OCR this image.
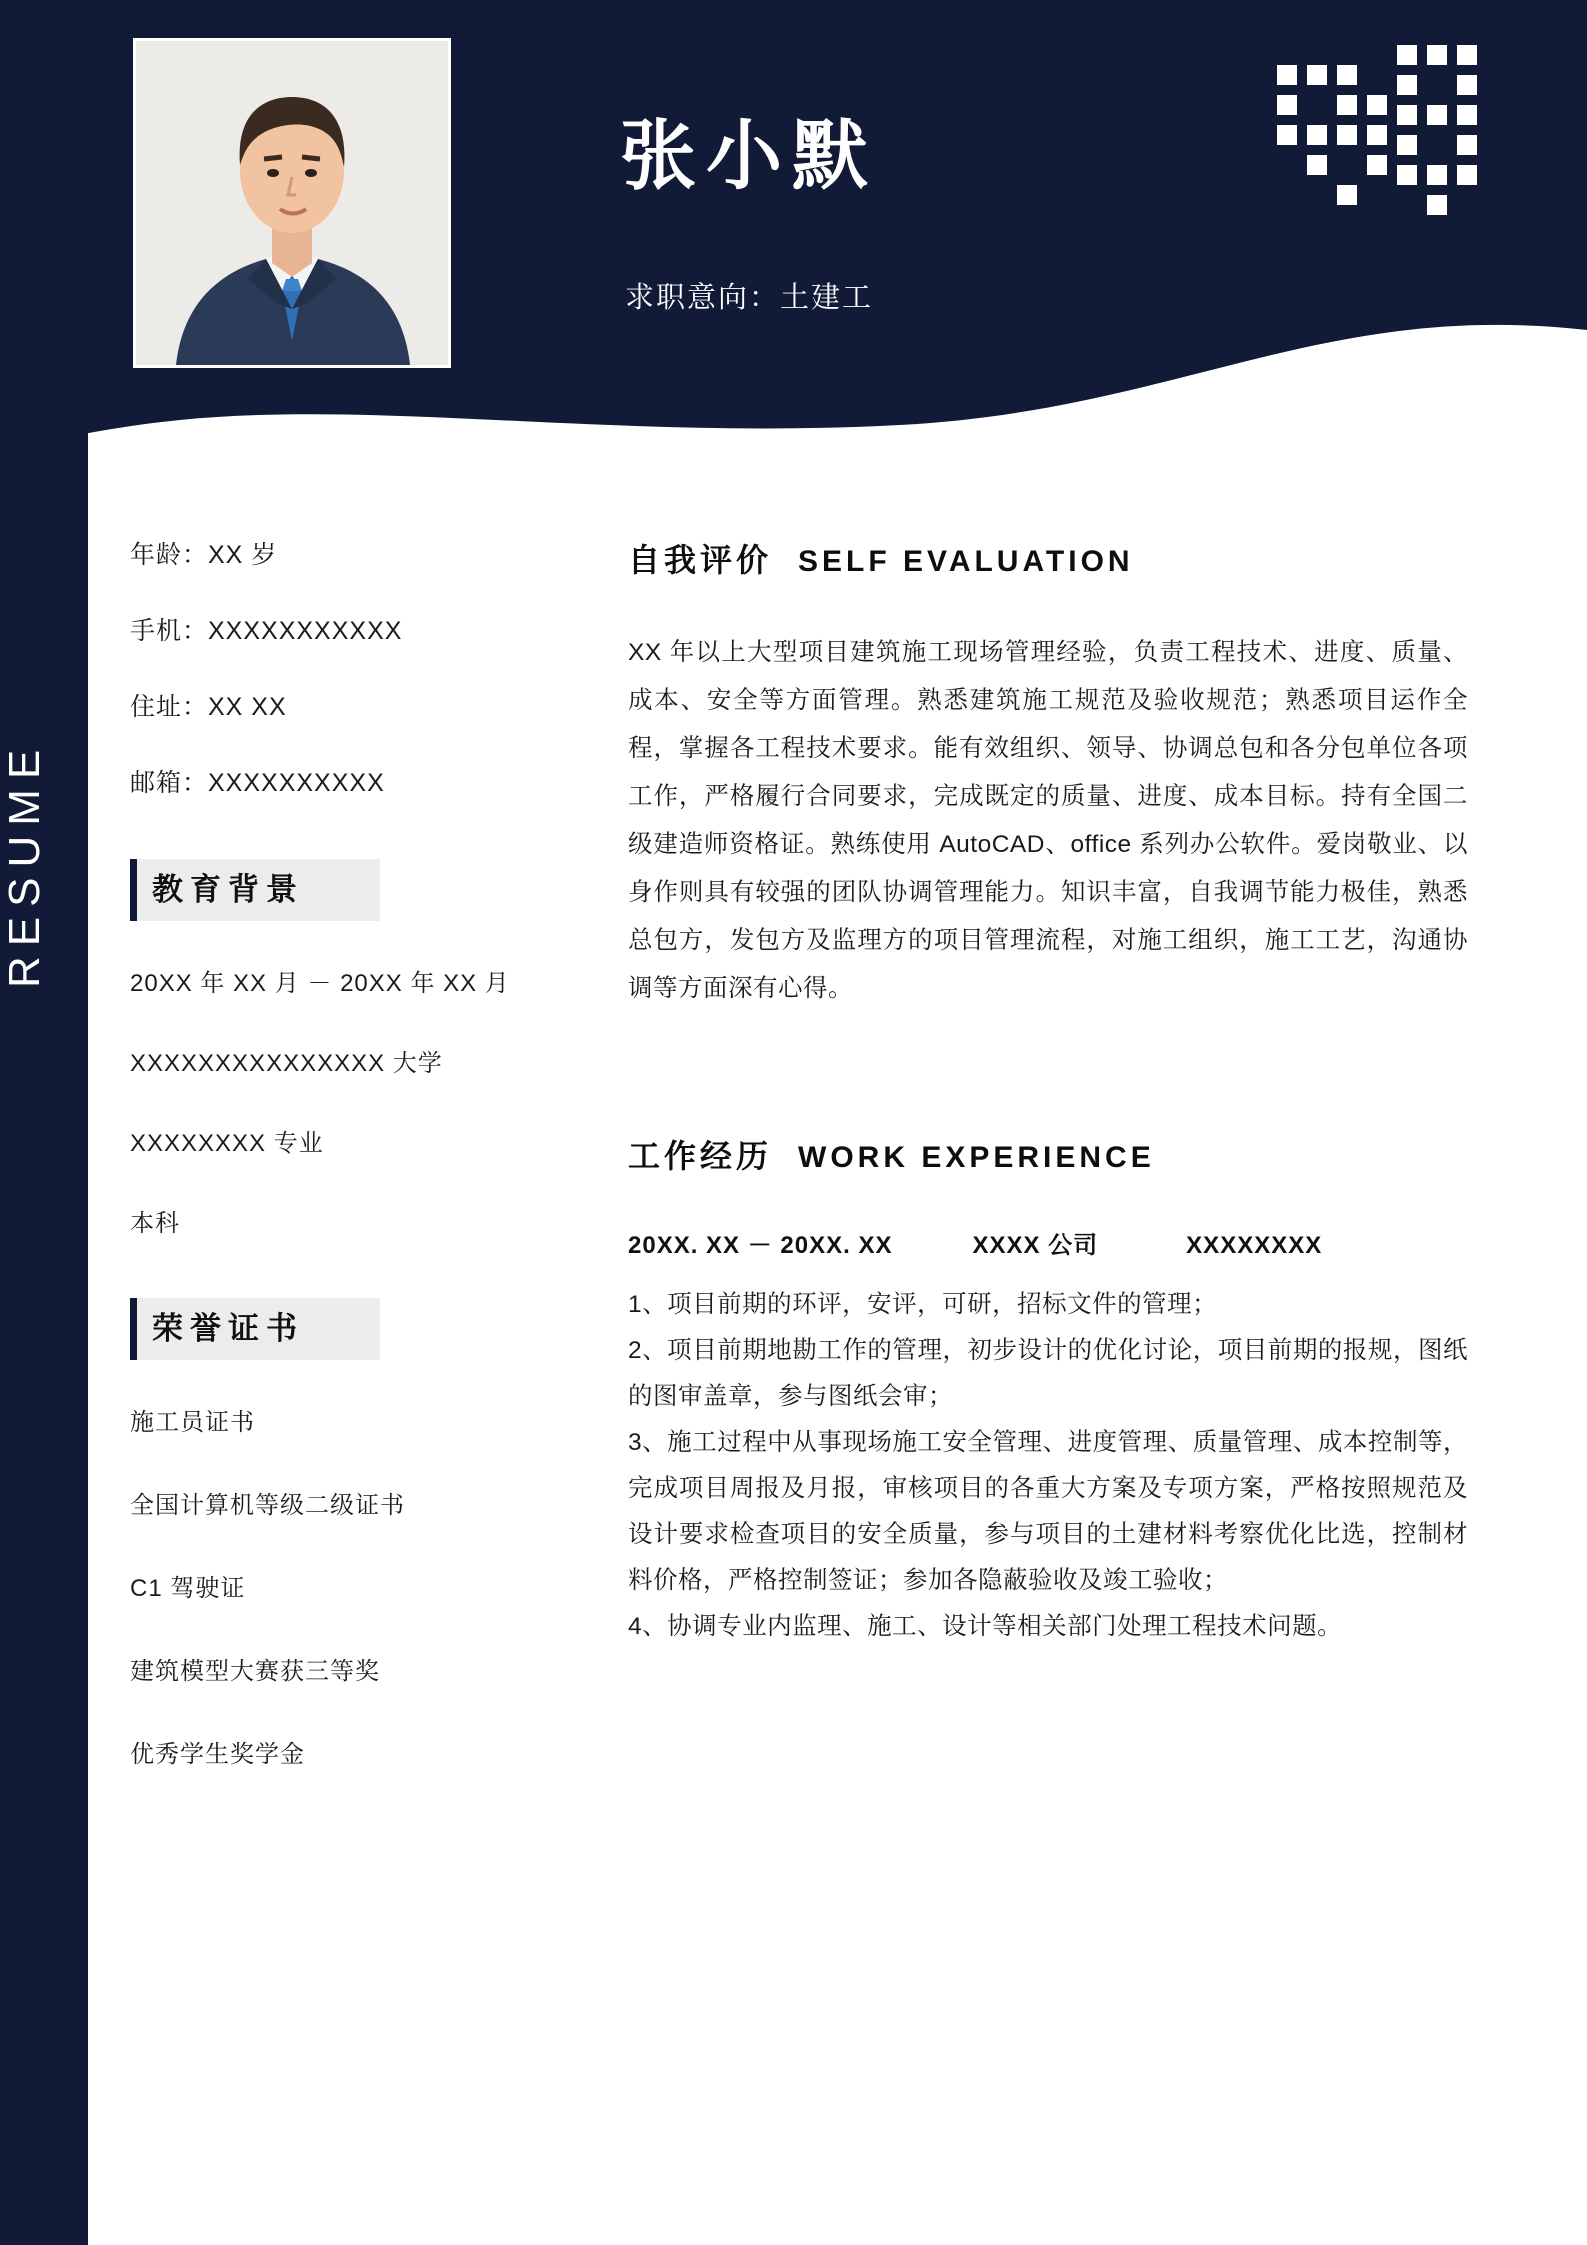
张小默
求职意向：土建工
RESUME
年龄：XX 岁
手机：XXXXXXXXXXX
住址：XX XX
邮箱：XXXXXXXXXX
教育背景
20XX 年 XX 月 － 20XX 年 XX 月
XXXXXXXXXXXXXXX 大学
XXXXXXXX 专业
本科
荣誉证书
施工员证书
全国计算机等级二级证书
C1 驾驶证
建筑模型大赛获三等奖
优秀学生奖学金
自我评价 SELF EVALUATION
XX 年以上大型项目建筑施工现场管理经验，负责工程技术、进度、质量、成本、安全等方面管理。熟悉建筑施工规范及验收规范；熟悉项目运作全程，掌握各工程技术要求。能有效组织、领导、协调总包和各分包单位各项工作，严格履行合同要求，完成既定的质量、进度、成本目标。持有全国二级建造师资格证。熟练使用 AutoCAD、office 系列办公软件。爱岗敬业、以身作则具有较强的团队协调管理能力。知识丰富，自我调节能力极佳，熟悉总包方，发包方及监理方的项目管理流程，对施工组织，施工工艺，沟通协调等方面深有心得。
工作经历 WORK EXPERIENCE
20XX. XX － 20XX. XX	XXXX 公司	XXXXXXXX
1、项目前期的环评，安评，可研，招标文件的管理；
2、项目前期地勘工作的管理，初步设计的优化讨论，项目前期的报规，图纸的图审盖章，参与图纸会审；
3、施工过程中从事现场施工安全管理、进度管理、质量管理、成本控制等，完成项目周报及月报，审核项目的各重大方案及专项方案，严格按照规范及设计要求检查项目的安全质量，参与项目的土建材料考察优化比选，控制材料价格，严格控制签证；参加各隐蔽验收及竣工验收；
4、协调专业内监理、施工、设计等相关部门处理工程技术问题。
